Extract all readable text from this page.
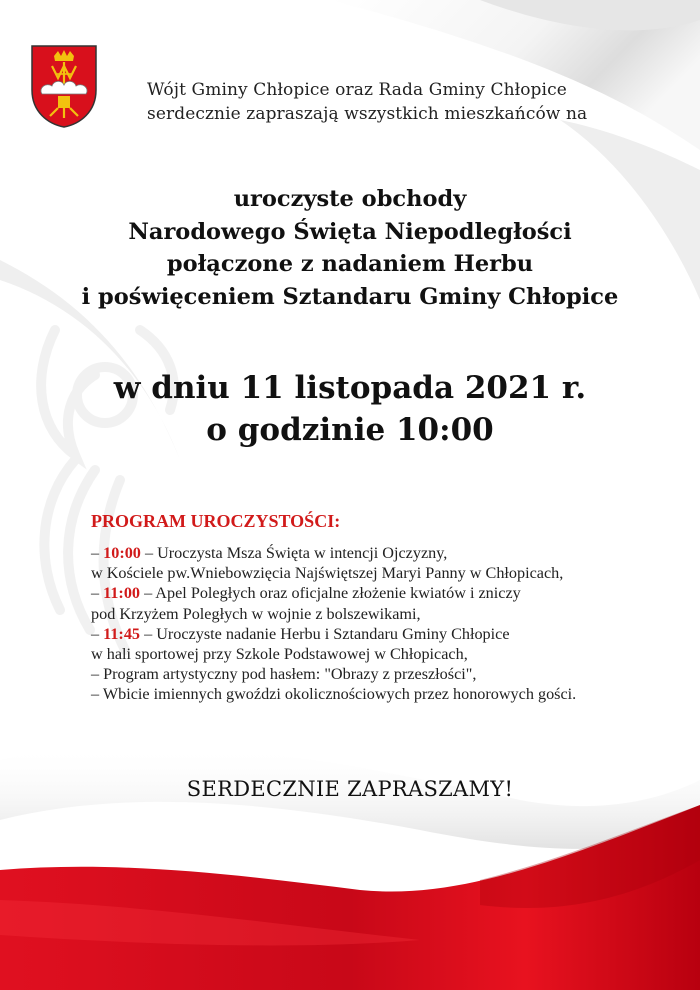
Wójt Gminy Chłopice oraz Rada Gminy Chłopice
serdecznie zapraszają wszystkich mieszkańców na
uroczyste obchody
Narodowego Święta Niepodległości
połączone z nadaniem Herbu
i poświęceniem Sztandaru Gminy Chłopice
w dniu 11 listopada 2021 r.
o godzinie 10:00
PROGRAM UROCZYSTOŚCI:
– 10:00 – Uroczysta Msza Święta w intencji Ojczyzny,
w Kościele pw.Wniebowzięcia Najświętszej Maryi Panny w Chłopicach,
– 11:00 – Apel Poległych oraz oficjalne złożenie kwiatów i zniczy
pod Krzyżem Poległych w wojnie z bolszewikami,
– 11:45 – Uroczyste nadanie Herbu i Sztandaru Gminy Chłopice
w hali sportowej przy Szkole Podstawowej w Chłopicach,
– Program artystyczny pod hasłem: "Obrazy z przeszłości",
– Wbicie imiennych gwoździ okolicznościowych przez honorowych gości.
SERDECZNIE ZAPRASZAMY!
